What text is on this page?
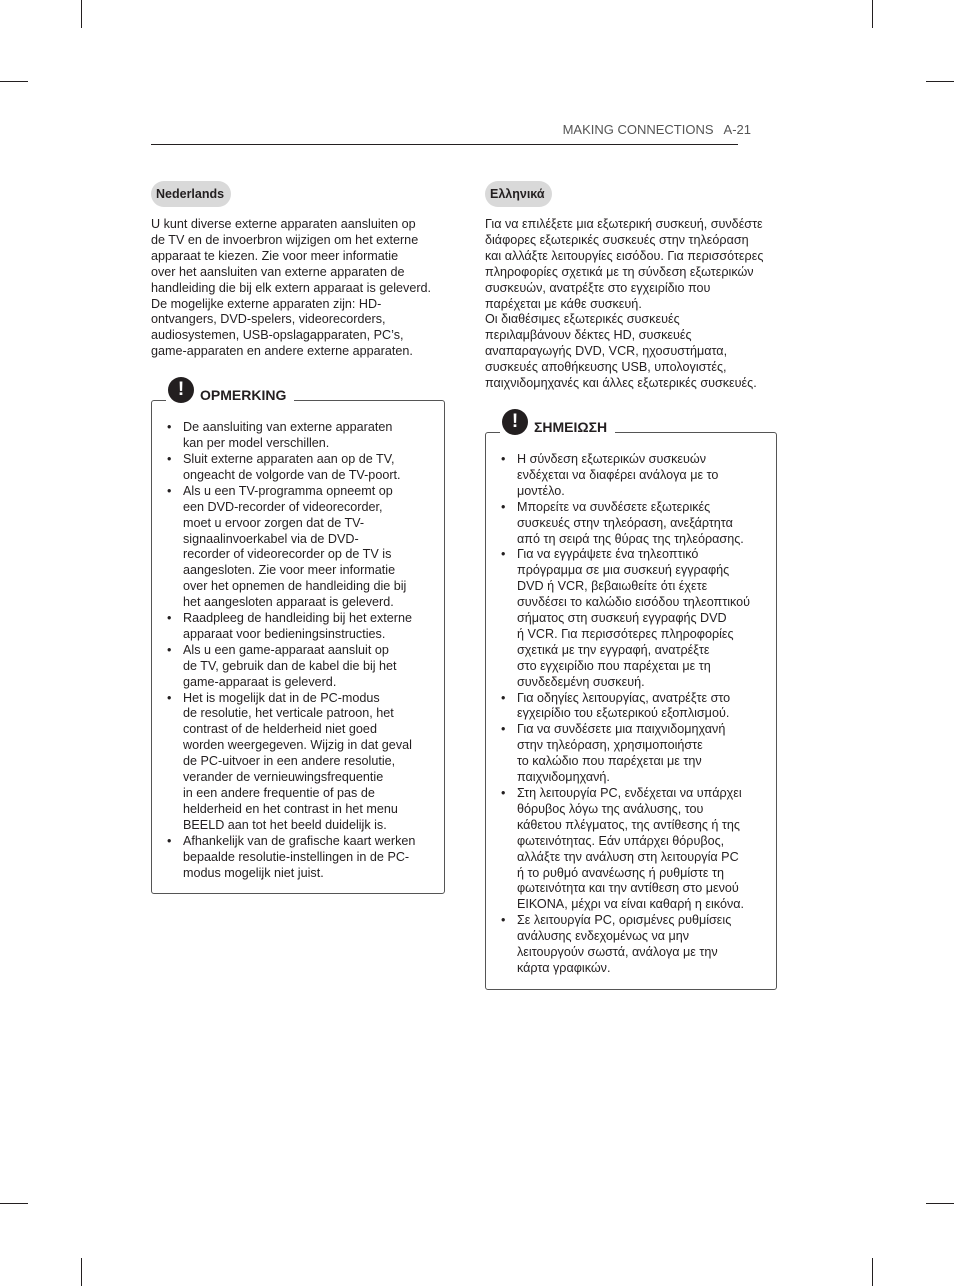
MAKING CONNECTIONS A-21
Nederlands

U kunt diverse externe apparaten aansluiten op
de TV en de invoerbron wijzigen om het externe
apparaat te kiezen. Zie voor meer informatie
over het aansluiten van externe apparaten de
handleiding die bij elk extern apparaat is geleverd.
De mogelijke externe apparaten zijn: HD-
ontvangers, DVD-spelers, videorecorders,
audiosystemen, USB-opslagapparaten, PC’s,
game-apparaten en andere externe apparaten.

!	OPMERKING
• De aansluiting van externe apparaten
kan per model verschillen.
• Sluit externe apparaten aan op de TV,
ongeacht de volgorde van de TV-poort.
• Als u een TV-programma opneemt op
een DVD-recorder of videorecorder,
moet u ervoor zorgen dat de TV-
signaalinvoerkabel via de DVD-
recorder of videorecorder op de TV is
aangesloten. Zie voor meer informatie
over het opnemen de handleiding die bij
het aangesloten apparaat is geleverd.
• Raadpleeg de handleiding bij het externe
apparaat voor bedieningsinstructies.
• Als u een game-apparaat aansluit op
de TV, gebruik dan de kabel die bij het
game-apparaat is geleverd.
• Het is mogelijk dat in de PC-modus
de resolutie, het verticale patroon, het
contrast of de helderheid niet goed
worden weergegeven. Wijzig in dat geval
de PC-uitvoer in een andere resolutie,
verander de vernieuwingsfrequentie
in een andere frequentie of pas de
helderheid en het contrast in het menu
BEELD aan tot het beeld duidelijk is.
• Afhankelijk van de grafische kaart werken
bepaalde resolutie-instellingen in de PC-
modus mogelijk niet juist.
Ελληνικά

Για να επιλέξετε μια εξωτερική συσκευή, συνδέστε
διάφορες εξωτερικές συσκευές στην τηλεόραση
και αλλάξτε λειτουργίες εισόδου. Για περισσότερες
πληροφορίες σχετικά με τη σύνδεση εξωτερικών
συσκευών, ανατρέξτε στο εγχειρίδιο που
παρέχεται με κάθε συσκευή.
Οι διαθέσιμες εξωτερικές συσκευές
περιλαμβάνουν δέκτες HD, συσκευές
αναπαραγωγής DVD, VCR, ηχοσυστήματα,
συσκευές αποθήκευσης USB, υπολογιστές,
παιχνιδομηχανές και άλλες εξωτερικές συσκευές.

!	ΣΗΜΕΙΩΣΗ
• Η σύνδεση εξωτερικών συσκευών
ενδέχεται να διαφέρει ανάλογα με το
μοντέλο.
• Μπορείτε να συνδέσετε εξωτερικές
συσκευές στην τηλεόραση, ανεξάρτητα
από τη σειρά της θύρας της τηλεόρασης.
• Για να εγγράψετε ένα τηλεοπτικό
πρόγραμμα σε μια συσκευή εγγραφής
DVD ή VCR, βεβαιωθείτε ότι έχετε
συνδέσει το καλώδιο εισόδου τηλεοπτικού
σήματος στη συσκευή εγγραφής DVD
ή VCR. Για περισσότερες πληροφορίες
σχετικά με την εγγραφή, ανατρέξτε
στο εγχειρίδιο που παρέχεται με τη
συνδεδεμένη συσκευή.
• Για οδηγίες λειτουργίας, ανατρέξτε στο
εγχειρίδιο του εξωτερικού εξοπλισμού.
• Για να συνδέσετε μια παιχνιδομηχανή
στην τηλεόραση, χρησιμοποιήστε
το καλώδιο που παρέχεται με την
παιχνιδομηχανή.
• Στη λειτουργία PC, ενδέχεται να υπάρχει
θόρυβος λόγω της ανάλυσης, του
κάθετου πλέγματος, της αντίθεσης ή της
φωτεινότητας. Εάν υπάρχει θόρυβος,
αλλάξτε την ανάλυση στη λειτουργία PC
ή το ρυθμό ανανέωσης ή ρυθμίστε τη
φωτεινότητα και την αντίθεση στο μενού
ΕΙΚΟΝΑ, μέχρι να είναι καθαρή η εικόνα.
• Σε λειτουργία PC, ορισμένες ρυθμίσεις
ανάλυσης ενδεχομένως να μην
λειτουργούν σωστά, ανάλογα με την
κάρτα γραφικών.
